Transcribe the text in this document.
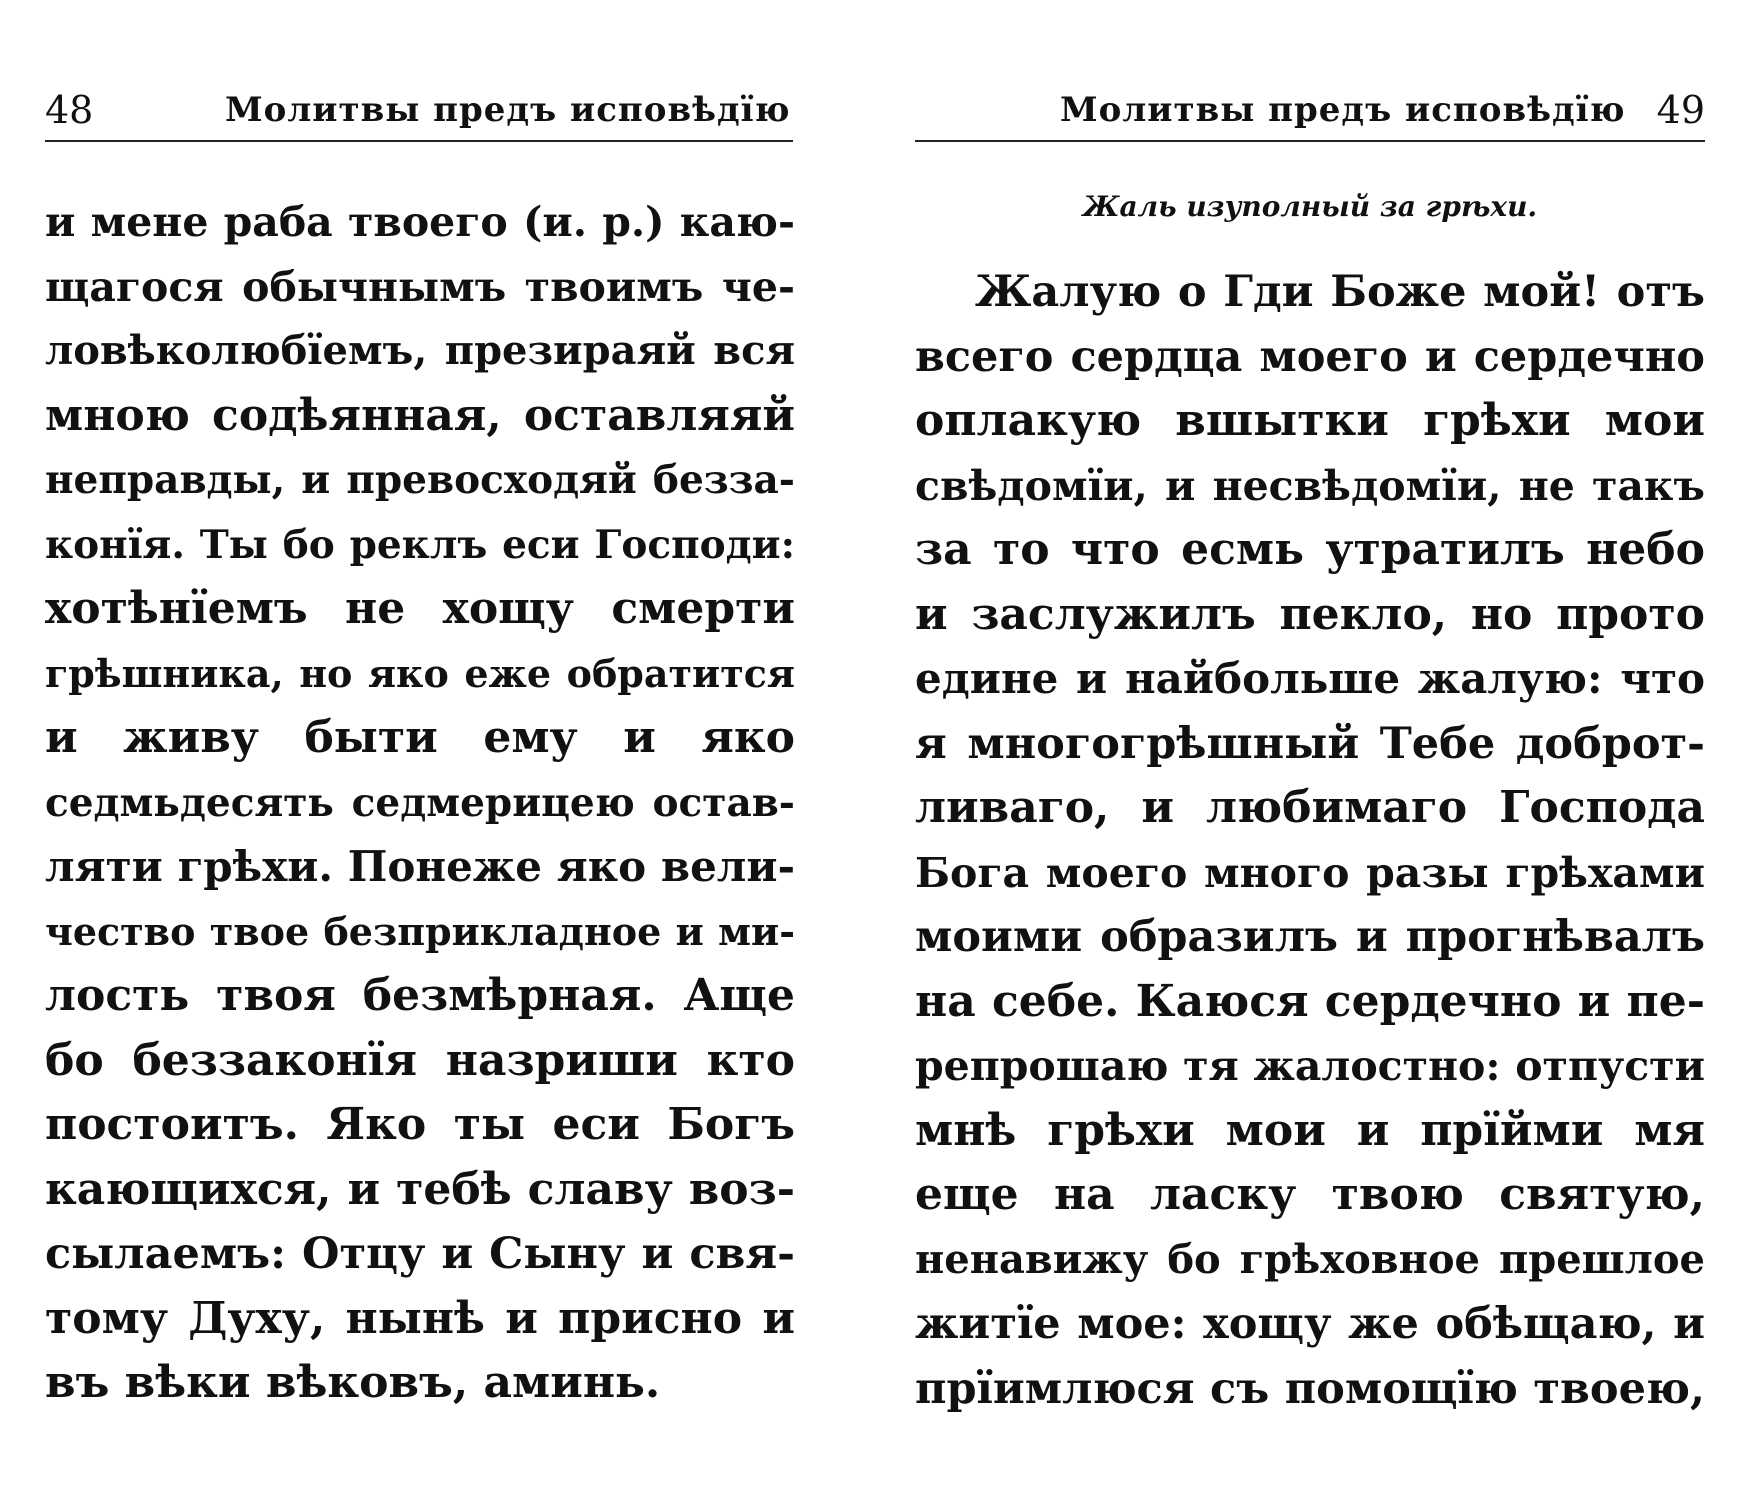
48	Молитвы предъ исповѣдїю
и мене раба твоего (и. р.) каю-
щагося обычнымъ твоимъ че-
ловѣколюбїемъ, презираяй вся
мною содѣянная, оставляяй
неправды, и превосходяй безза-
конїя. Ты бо реклъ еси Господи:
хотѣнїемъ не хощу смерти
грѣшника, но яко еже обратится
и живу быти ему и яко
седмьдесять седмерицею остав-
ляти грѣхи. Понеже яко вели-
чество твое безприкладное и ми-
лость твоя безмѣрная. Аще
бо беззаконїя назриши кто
постоитъ. Яко ты еси Богъ
кающихся, и тебѣ славу воз-
сылаемъ: Отцу и Сыну и свя-
тому Духу, нынѣ и присно и
въ вѣки вѣковъ, аминь.
Молитвы предъ исповѣдїю 49
Жаль изуполный за грѣхи.
Жалую о Гди Боже мой! отъ
всего сердца моего и сердечно
оплакую вшытки грѣхи мои
свѣдомїи, и несвѣдомїи, не такъ
за то что есмь утратилъ небо
и заслужилъ пекло, но прото
едине и найбольше жалую: что
я многогрѣшный Тебе доброт-
ливаго, и любимаго Господа
Бога моего много разы грѣхами
моими образилъ и прогнѣвалъ
на себе. Каюся сердечно и пе-
репрошаю тя жалостно: отпусти
мнѣ грѣхи мои и прїйми мя
еще на ласку твою святую,
ненавижу бо грѣховное прешлое
житїе мое: хощу же обѣщаю, и
прїимлюся съ помощїю твоею,
